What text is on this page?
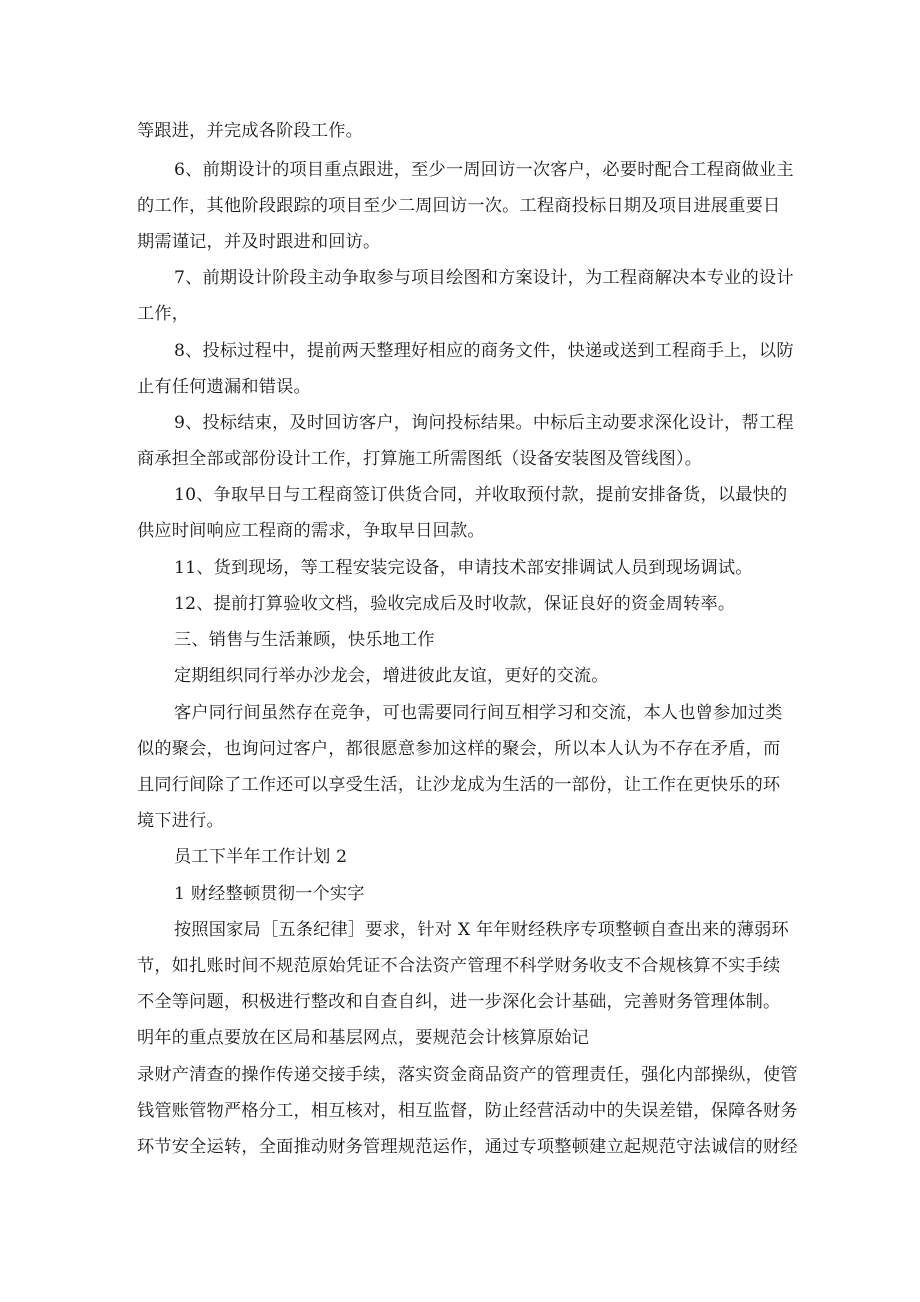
等跟进，并完成各阶段工作。
6、前期设计的项目重点跟进，至少一周回访一次客户，必要时配合工程商做业主
的工作，其他阶段跟踪的项目至少二周回访一次。工程商投标日期及项目进展重要日
期需谨记，并及时跟进和回访。
7、前期设计阶段主动争取参与项目绘图和方案设计，为工程商解决本专业的设计
工作，
8、投标过程中，提前两天整理好相应的商务文件，快递或送到工程商手上，以防
止有任何遗漏和错误。
9、投标结束，及时回访客户，询问投标结果。中标后主动要求深化设计，帮工程
商承担全部或部份设计工作，打算施工所需图纸（设备安装图及管线图）。
10、争取早日与工程商签订供货合同，并收取预付款，提前安排备货，以最快的
供应时间响应工程商的需求，争取早日回款。
11、货到现场，等工程安装完设备，申请技术部安排调试人员到现场调试。
12、提前打算验收文档，验收完成后及时收款，保证良好的资金周转率。
三、销售与生活兼顾，快乐地工作
定期组织同行举办沙龙会，增进彼此友谊，更好的交流。
客户同行间虽然存在竞争，可也需要同行间互相学习和交流，本人也曾参加过类
似的聚会，也询问过客户，都很愿意参加这样的聚会，所以本人认为不存在矛盾，而
且同行间除了工作还可以享受生活，让沙龙成为生活的一部份，让工作在更快乐的环
境下进行。
员工下半年工作计划 2
1 财经整顿贯彻一个实字
按照国家局［五条纪律］要求，针对 X 年年财经秩序专项整顿自查出来的薄弱环
节，如扎账时间不规范原始凭证不合法资产管理不科学财务收支不合规核算不实手续
不全等问题，积极进行整改和自查自纠，进一步深化会计基础，完善财务管理体制。
明年的重点要放在区局和基层网点，要规范会计核算原始记
录财产清查的操作传递交接手续，落实资金商品资产的管理责任，强化内部操纵，使管
钱管账管物严格分工，相互核对，相互监督，防止经营活动中的失误差错，保障各财务
环节安全运转，全面推动财务管理规范运作，通过专项整顿建立起规范守法诚信的财经
